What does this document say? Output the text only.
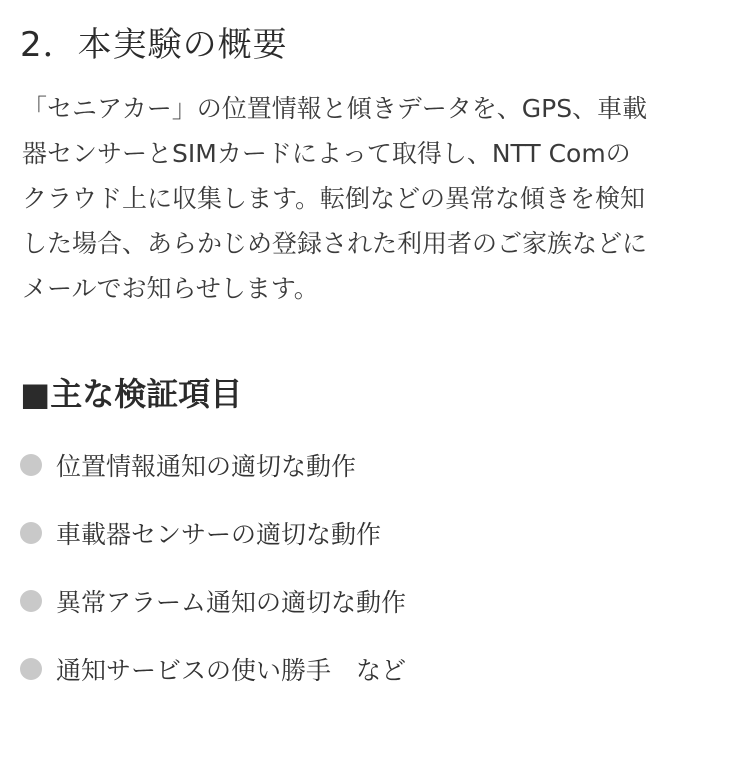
2．本実験の概要

「セニアカー」の位置情報と傾きデータを、GPS、車載
器センサーとSIMカードによって取得し、NTT Comの
クラウド上に収集します。転倒などの異常な傾きを検知
した場合、あらかじめ登録された利用者のご家族などに
メールでお知らせします。

■主な検証項目
位置情報通知の適切な動作
車載器センサーの適切な動作
異常アラーム通知の適切な動作
通知サービスの使い勝手　など
